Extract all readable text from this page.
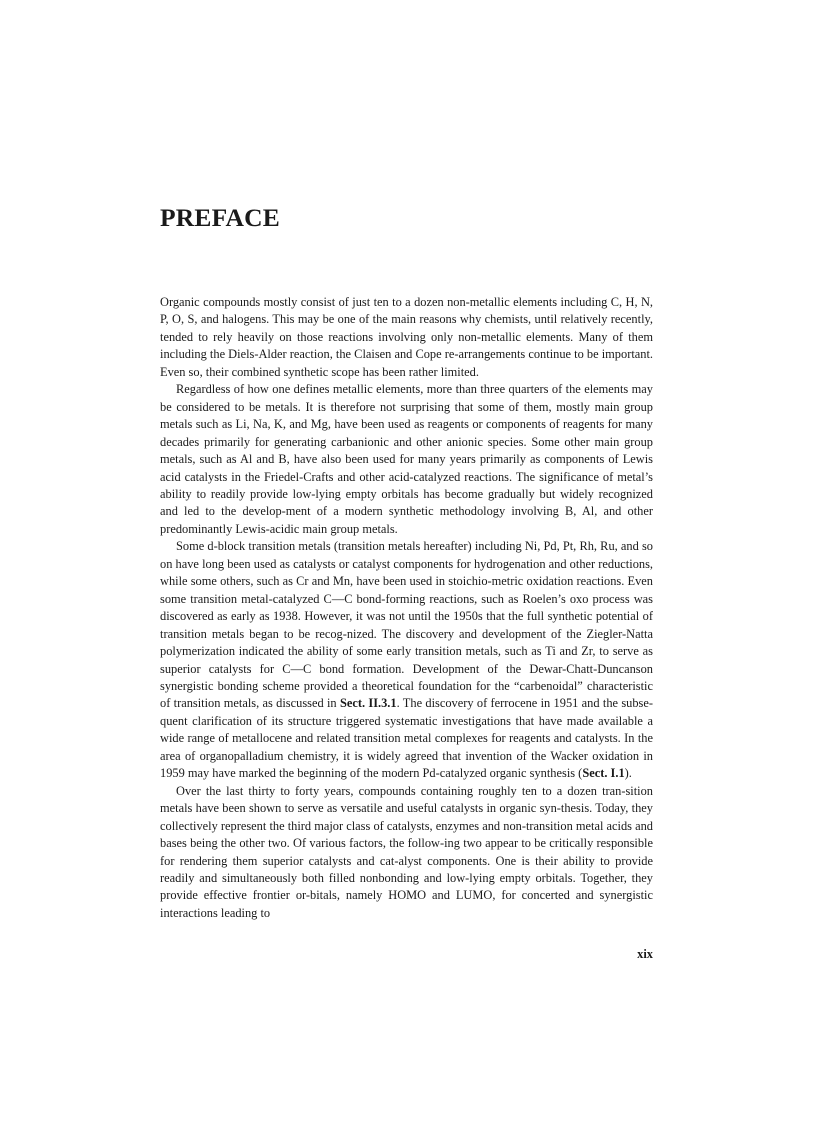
PREFACE

Organic compounds mostly consist of just ten to a dozen non-metallic elements including C, H, N, P, O, S, and halogens. This may be one of the main reasons why chemists, until relatively recently, tended to rely heavily on those reactions involving only non-metallic elements. Many of them including the Diels-Alder reaction, the Claisen and Cope re-arrangements continue to be important. Even so, their combined synthetic scope has been rather limited.

Regardless of how one defines metallic elements, more than three quarters of the elements may be considered to be metals. It is therefore not surprising that some of them, mostly main group metals such as Li, Na, K, and Mg, have been used as reagents or components of reagents for many decades primarily for generating carbanionic and other anionic species. Some other main group metals, such as Al and B, have also been used for many years primarily as components of Lewis acid catalysts in the Friedel-Crafts and other acid-catalyzed reactions. The significance of metal’s ability to readily provide low-lying empty orbitals has become gradually but widely recognized and led to the develop-ment of a modern synthetic methodology involving B, Al, and other predominantly Lewis-acidic main group metals.

Some d-block transition metals (transition metals hereafter) including Ni, Pd, Pt, Rh, Ru, and so on have long been used as catalysts or catalyst components for hydrogenation and other reductions, while some others, such as Cr and Mn, have been used in stoichio-metric oxidation reactions. Even some transition metal-catalyzed C—C bond-forming reactions, such as Roelen’s oxo process was discovered as early as 1938. However, it was not until the 1950s that the full synthetic potential of transition metals began to be recog-nized. The discovery and development of the Ziegler-Natta polymerization indicated the ability of some early transition metals, such as Ti and Zr, to serve as superior catalysts for C—C bond formation. Development of the Dewar-Chatt-Duncanson synergistic bonding scheme provided a theoretical foundation for the “carbenoidal” characteristic of transition metals, as discussed in Sect. II.3.1. The discovery of ferrocene in 1951 and the subse-quent clarification of its structure triggered systematic investigations that have made available a wide range of metallocene and related transition metal complexes for reagents and catalysts. In the area of organopalladium chemistry, it is widely agreed that invention of the Wacker oxidation in 1959 may have marked the beginning of the modern Pd-catalyzed organic synthesis (Sect. I.1).

Over the last thirty to forty years, compounds containing roughly ten to a dozen tran-sition metals have been shown to serve as versatile and useful catalysts in organic syn-thesis. Today, they collectively represent the third major class of catalysts, enzymes and non-transition metal acids and bases being the other two. Of various factors, the follow-ing two appear to be critically responsible for rendering them superior catalysts and cat-alyst components. One is their ability to provide readily and simultaneously both filled nonbonding and low-lying empty orbitals. Together, they provide effective frontier or-bitals, namely HOMO and LUMO, for concerted and synergistic interactions leading to

xix
